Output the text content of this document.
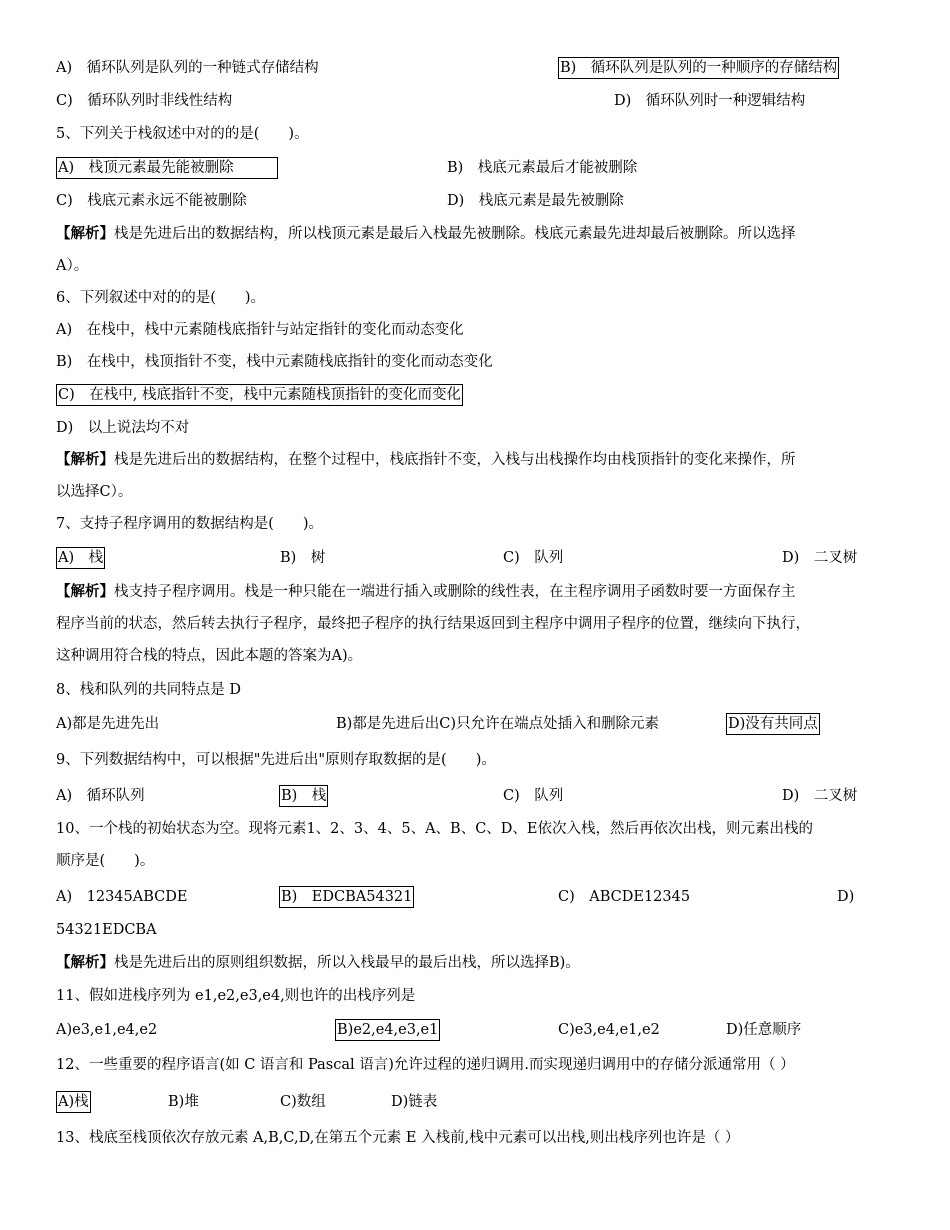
A)　循环队列是队列的一种链式存储结构	B)　循环队列是队列的一种顺序的存储结构
C)　循环队列时非线性结构	D)　循环队列时一种逻辑结构
5、下列关于栈叙述中对的的是(　　)。
A)　栈顶元素最先能被删除	B)　栈底元素最后才能被删除
C)　栈底元素永远不能被删除	D)　栈底元素是最先被删除
【解析】栈是先进后出的数据结构，所以栈顶元素是最后入栈最先被删除。栈底元素最先进却最后被删除。所以选择
A）。
6、下列叙述中对的的是(　　)。
A)　在栈中，栈中元素随栈底指针与站定指针的变化而动态变化
B)　在栈中，栈顶指针不变，栈中元素随栈底指针的变化而动态变化
C)　在栈中, 栈底指针不变，栈中元素随栈顶指针的变化而变化
D)　以上说法均不对
【解析】栈是先进后出的数据结构，在整个过程中，栈底指针不变，入栈与出栈操作均由栈顶指针的变化来操作，所
以选择C）。
7、支持子程序调用的数据结构是(　　)。
A)　栈	B)　树	C)　队列	D)　二叉树
【解析】栈支持子程序调用。栈是一种只能在一端进行插入或删除的线性表，在主程序调用子函数时要一方面保存主
程序当前的状态，然后转去执行子程序，最终把子程序的执行结果返回到主程序中调用子程序的位置，继续向下执行，
这种调用符合栈的特点，因此本题的答案为A)。
8、栈和队列的共同特点是 D
A)都是先进先出	B)都是先进后出C)只允许在端点处插入和删除元素	D)没有共同点
9、下列数据结构中，可以根据"先进后出"原则存取数据的是(　　)。
A)　循环队列	B)　栈	C)　队列	D)　二叉树
10、一个栈的初始状态为空。现将元素1、2、3、4、5、A、B、C、D、E依次入栈，然后再依次出栈，则元素出栈的
顺序是(　　)。
A)　12345ABCDE	B)　EDCBA54321	C)　ABCDE12345	D)
54321EDCBA
【解析】栈是先进后出的原则组织数据，所以入栈最早的最后出栈，所以选择B)。
11、假如进栈序列为 e1,e2,e3,e4,则也许的出栈序列是
A)e3,e1,e4,e2	B)e2,e4,e3,e1	C)e3,e4,e1,e2	D)任意顺序
12、一些重要的程序语言(如 C 语言和 Pascal 语言)允许过程的递归调用.而实现递归调用中的存储分派通常用（ ）
A)栈	B)堆	C)数组	D)链表
13、栈底至栈顶依次存放元素 A,B,C,D,在第五个元素 E 入栈前,栈中元素可以出栈,则出栈序列也许是（ ）
